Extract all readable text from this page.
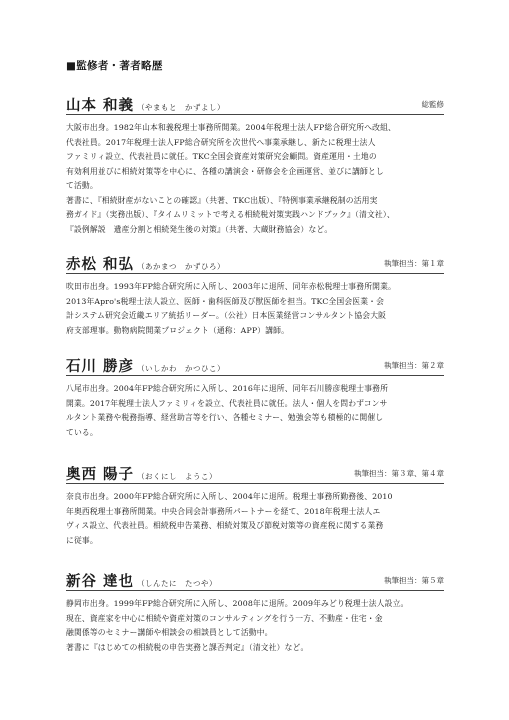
■監修者・著者略歴
山本 和義 （やまもと　かずよし）	総監修
大阪市出身。1982年山本和義税理士事務所開業。2004年税理士法人FP総合研究所へ改組、
代表社員。2017年税理士法人FP総合研究所を次世代へ事業承継し、新たに税理士法人
ファミリィ設立、代表社員に就任。TKC全国会資産対策研究会顧問。資産運用・土地の
有効利用並びに相続対策等を中心に、各種の講演会・研修会を企画運営、並びに講師とし
て活動。
著書に、『相続財産がないことの確認』（共著、TKC出版）、『特例事業承継税制の活用実
務ガイド』（実務出版）、『タイムリミットで考える相続税対策実践ハンドブック』（清文社）、
『設例解説　遺産分割と相続発生後の対策』（共著、大蔵財務協会）など。
赤松 和弘 （あかまつ　かずひろ）	執筆担当：第１章
吹田市出身。1993年FP総合研究所に入所し、2003年に退所、同年赤松税理士事務所開業。
2013年Apro's税理士法人設立、医師・歯科医師及び獣医師を担当。TKC全国会医業・会
計システム研究会近畿エリア統括リーダー。（公社）日本医業経営コンサルタント協会大阪
府支部理事。動物病院開業プロジェクト（通称：APP）講師。
石川 勝彦 （いしかわ　かつひこ）	執筆担当：第２章
八尾市出身。2004年FP総合研究所に入所し、2016年に退所、同年石川勝彦税理士事務所
開業。2017年税理士法人ファミリィを設立、代表社員に就任。法人・個人を問わずコンサ
ルタント業務や税務指導、経営助言等を行い、各種セミナー、勉強会等も積極的に開催し
ている。
奥西 陽子 （おくにし　ようこ）	執筆担当：第３章、第４章
奈良市出身。2000年FP総合研究所に入所し、2004年に退所。税理士事務所勤務後、2010
年奥西税理士事務所開業。中央合同会計事務所パートナーを経て、2018年税理士法人エ
ヴィス設立、代表社員。相続税申告業務、相続対策及び節税対策等の資産税に関する業務
に従事。
新谷 達也 （しんたに　たつや）	執筆担当：第５章
静岡市出身。1999年FP総合研究所に入所し、2008年に退所。2009年みどり税理士法人設立。
現在、資産家を中心に相続や資産対策のコンサルティングを行う一方、不動産・住宅・金
融関係等のセミナー講師や相談会の相談員として活動中。
著書に『はじめての相続税の申告実務と課否判定』（清文社）など。
